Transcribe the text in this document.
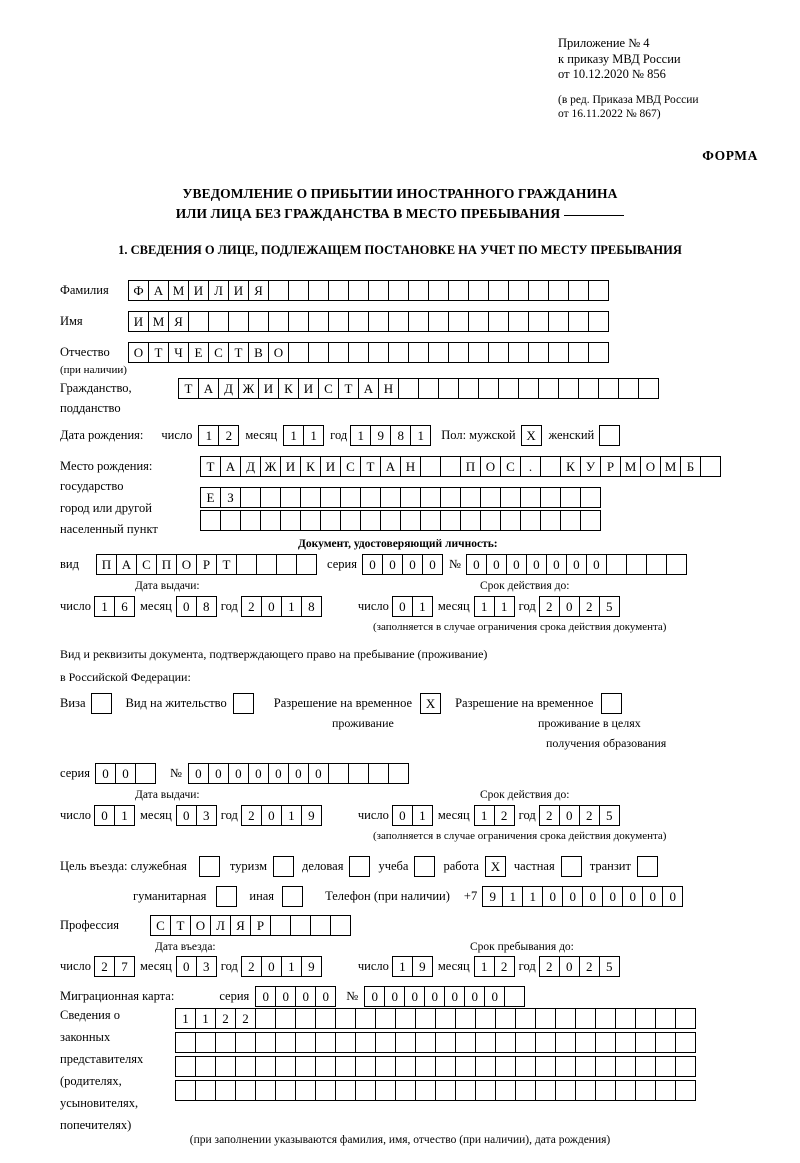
Приложение № 4
к приказу МВД России
от 10.12.2020 № 856
(в ред. Приказа МВД России
от 16.11.2022 № 867)
ФОРМА
УВЕДОМЛЕНИЕ О ПРИБЫТИИ ИНОСТРАННОГО ГРАЖДАНИНА
ИЛИ ЛИЦА БЕЗ ГРАЖДАНСТВА В МЕСТО ПРЕБЫВАНИЯ
1. СВЕДЕНИЯ О ЛИЦЕ, ПОДЛЕЖАЩЕМ ПОСТАНОВКЕ НА УЧЕТ ПО МЕСТУ ПРЕБЫВАНИЯ
Фамилия	Ф А М И Л И Я
Имя	И М Я
Отчество	О Т Ч Е С Т В О
(при наличии)
Гражданство,	Т А Д Ж И К И С Т А Н
подданство
Дата рождения: число	1	2	месяц	1	1	год 1	9	8	1	Пол: мужской X	женский
Место рождения:	Т А Д Ж И К И С Т А Н	П О С	.	К У Р М О М Б
государство
Е З
город или другой
населенный пункт
Документ, удостоверяющий личность:
вид	П А С П О Р Т	серия 0	0	0	0	№ 0	0	0	0	0	0	0
Дата выдачи:	Срок действия до:
число 1	6 месяц 0	8 год 2	0	1	8	число 0	1 месяц 1	1 год 2	0	2	5
(заполняется в случае ограничения срока действия документа)
Вид и реквизиты документа, подтверждающего право на пребывание (проживание)
в Российской Федерации:
Виза	Вид на жительство	Разрешение на временное	X	Разрешение на временное
проживание	проживание в целях
получения образования
серия 0	0	№	0	0	0	0	0	0	0
Дата выдачи:	Срок действия до:
число 0	1 месяц 0	3 год 2	0	1	9	число 0	1 месяц 1	2 год 2	0	2	5
(заполняется в случае ограничения срока действия документа)
Цель въезда: служебная	туризм	деловая	учеба	работа X	частная	транзит
гуманитарная	иная	Телефон (при наличии) +7 9	1	1	0	0	0	0	0	0	0
Профессия	С Т О Л Я Р
Дата въезда:	Срок пребывания до:
число 2	7 месяц 0	3 год 2	0	1	9	число 1	9 месяц 1	2 год 2	0	2	5
Миграционная карта:	серия	0	0	0	0	№	0	0	0	0	0	0	0
Сведения о
законных
представителях
(родителях,
усыновителях,
попечителях)
1	1	2	2
(при заполнении указываются фамилия, имя, отчество (при наличии), дата рождения)
